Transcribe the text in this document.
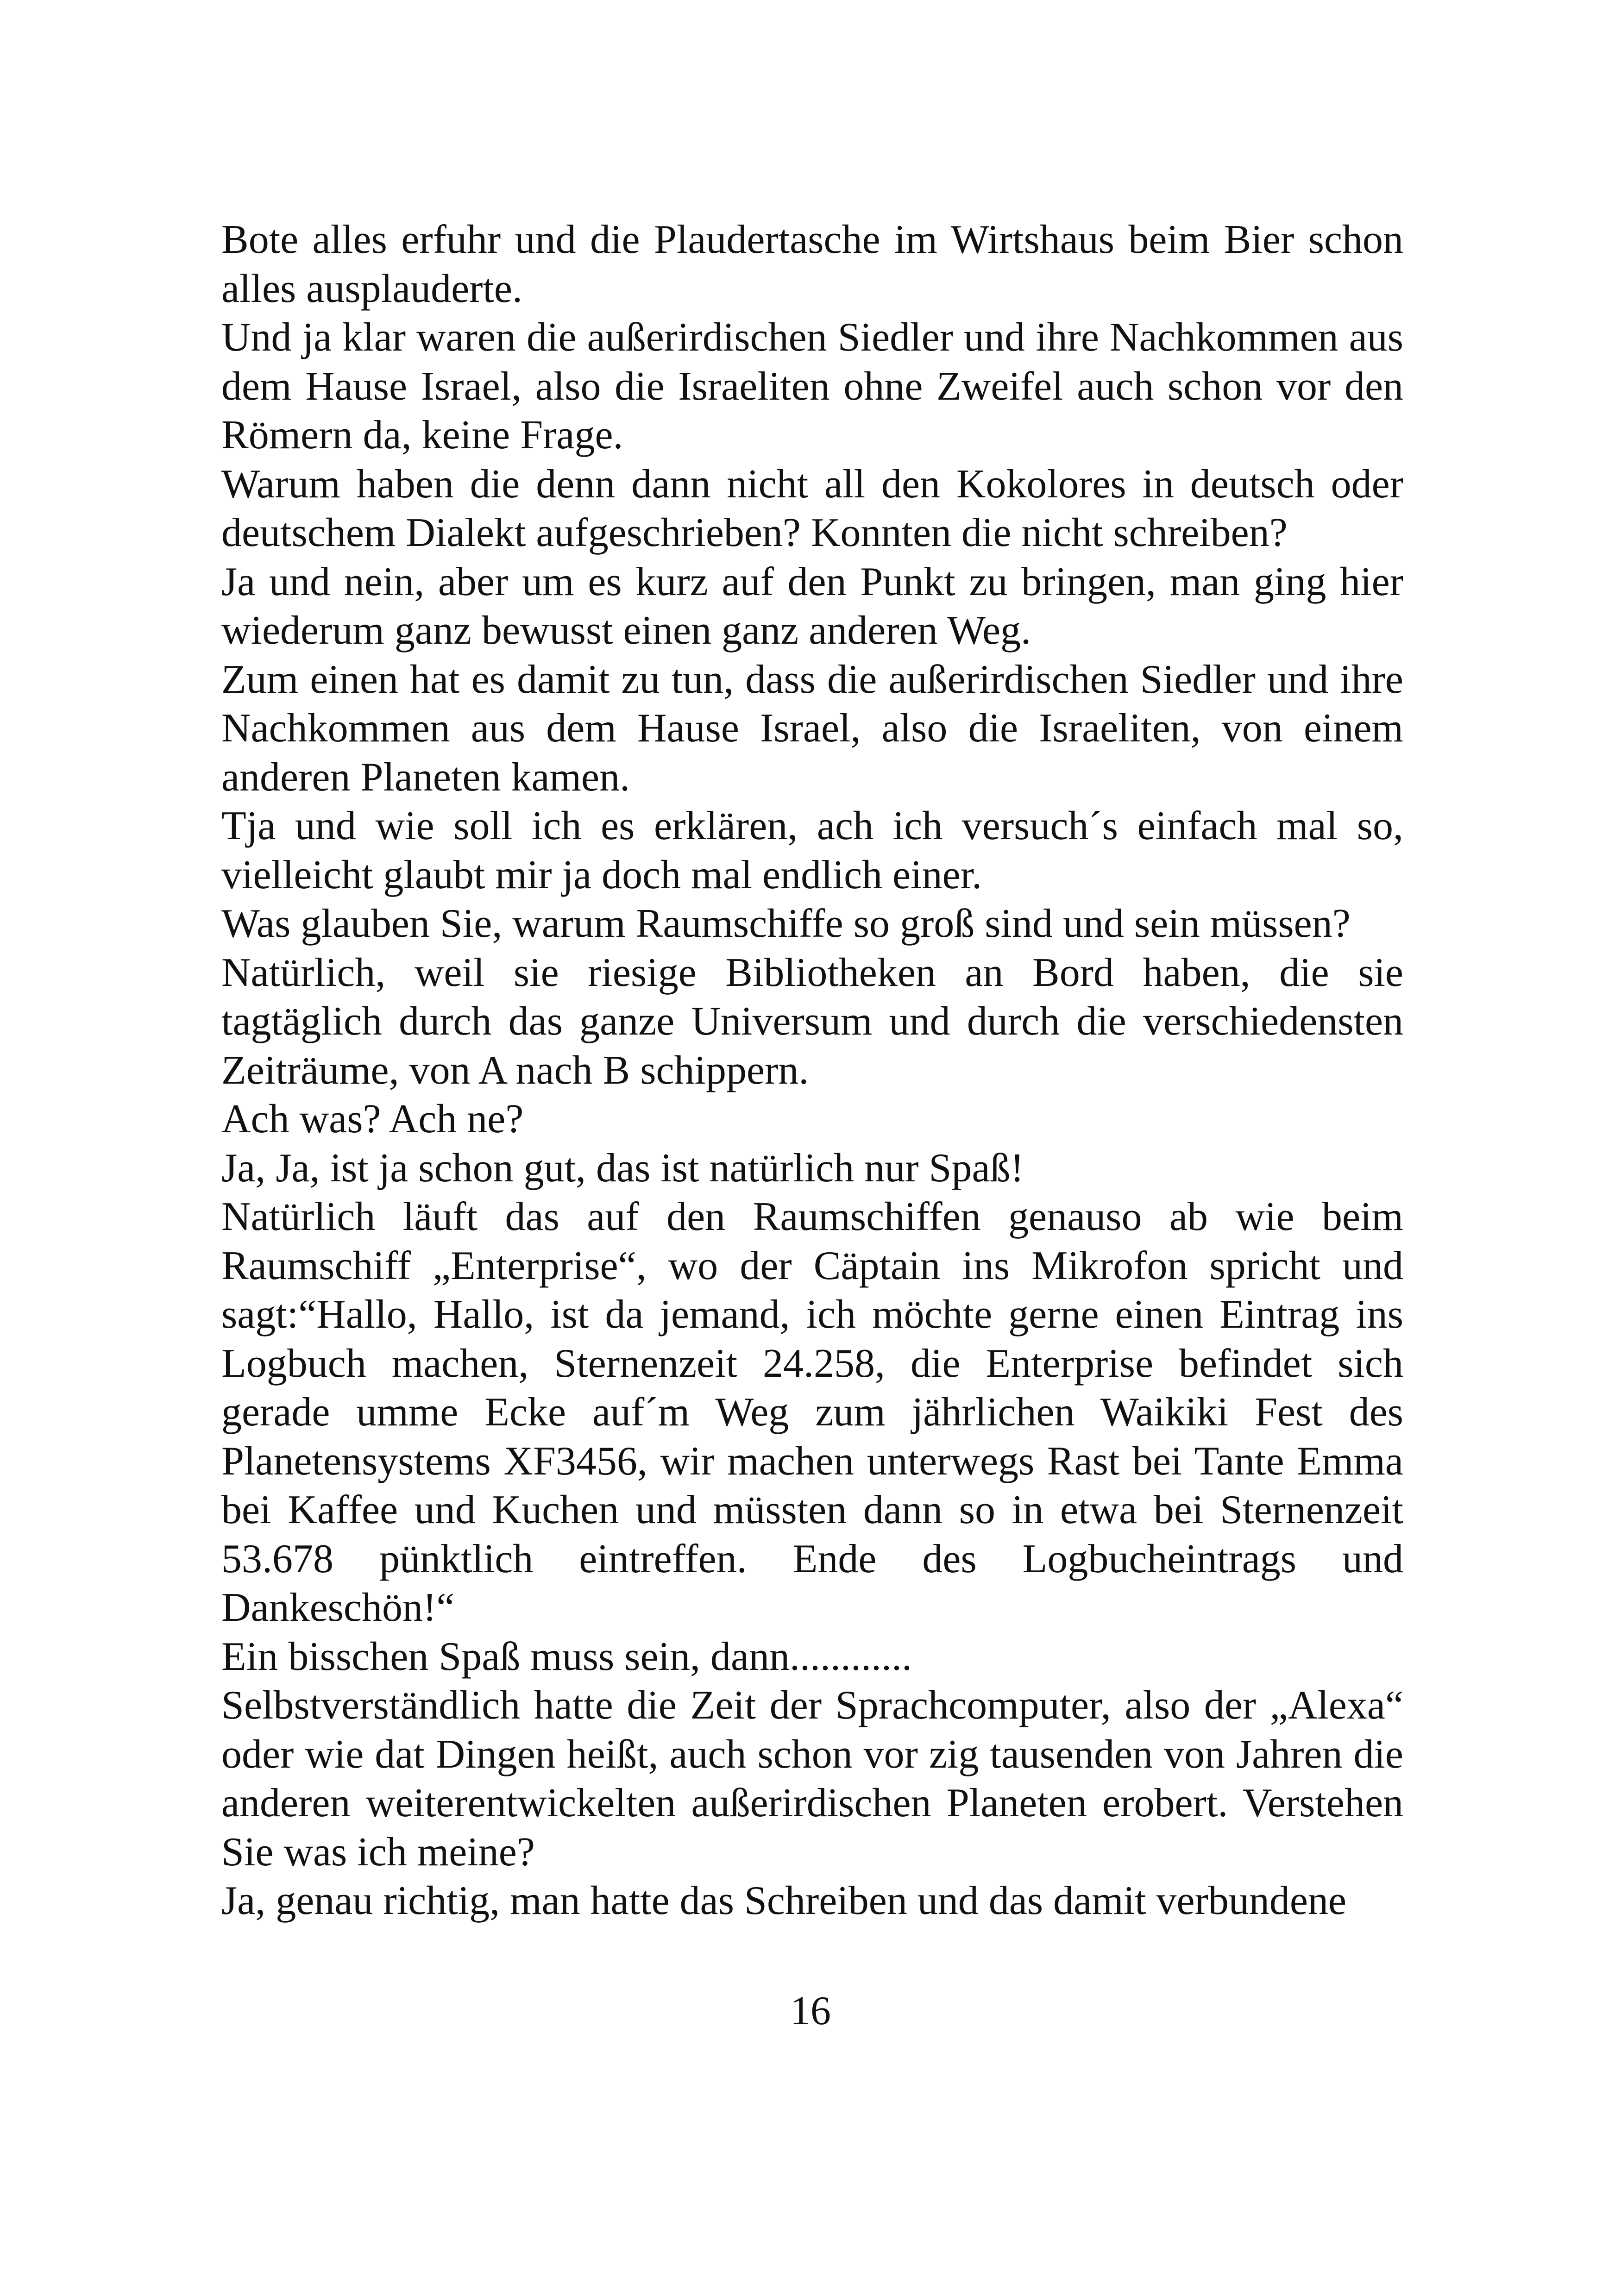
Bote alles erfuhr und die Plaudertasche im Wirtshaus beim Bier schon alles ausplauderte.

Und ja klar waren die außerirdischen Siedler und ihre Nachkommen aus dem Hause Israel, also die Israeliten ohne Zweifel auch schon vor den Römern da, keine Frage.

Warum haben die denn dann nicht all den Kokolores in deutsch oder deutschem Dialekt aufgeschrieben? Konnten die nicht schreiben?

Ja und nein, aber um es kurz auf den Punkt zu bringen, man ging hier wiederum ganz bewusst einen ganz anderen Weg.

Zum einen hat es damit zu tun, dass die außerirdischen Siedler und ihre Nachkommen aus dem Hause Israel, also die Israeliten, von einem anderen Planeten kamen.

Tja und wie soll ich es erklären, ach ich versuch´s einfach mal so, vielleicht glaubt mir ja doch mal endlich einer.

Was glauben Sie, warum Raumschiffe so groß sind und sein müssen?

Natürlich, weil sie riesige Bibliotheken an Bord haben, die sie tagtäglich durch das ganze Universum und durch die verschiedensten Zeiträume, von A nach B schippern.

Ach was? Ach ne?

Ja, Ja, ist ja schon gut, das ist natürlich nur Spaß!

Natürlich läuft das auf den Raumschiffen genauso ab wie beim Raumschiff „Enterprise“, wo der Cäptain ins Mikrofon spricht und sagt:“Hallo, Hallo, ist da jemand, ich möchte gerne einen Eintrag ins Logbuch machen, Sternenzeit 24.258, die Enterprise befindet sich gerade umme Ecke auf´m Weg zum jährlichen Waikiki Fest des Planetensystems XF3456, wir machen unterwegs Rast bei Tante Emma bei Kaffee und Kuchen und müssten dann so in etwa bei Sternenzeit 53.678 pünktlich eintreffen. Ende des Logbucheintrags und Dankeschön!“

Ein bisschen Spaß muss sein, dann............

Selbstverständlich hatte die Zeit der Sprachcomputer, also der „Alexa“ oder wie dat Dingen heißt, auch schon vor zig tausenden von Jahren die anderen weiterentwickelten außerirdischen Planeten erobert. Verstehen Sie was ich meine?

Ja, genau richtig, man hatte das Schreiben und das damit verbundene

16
